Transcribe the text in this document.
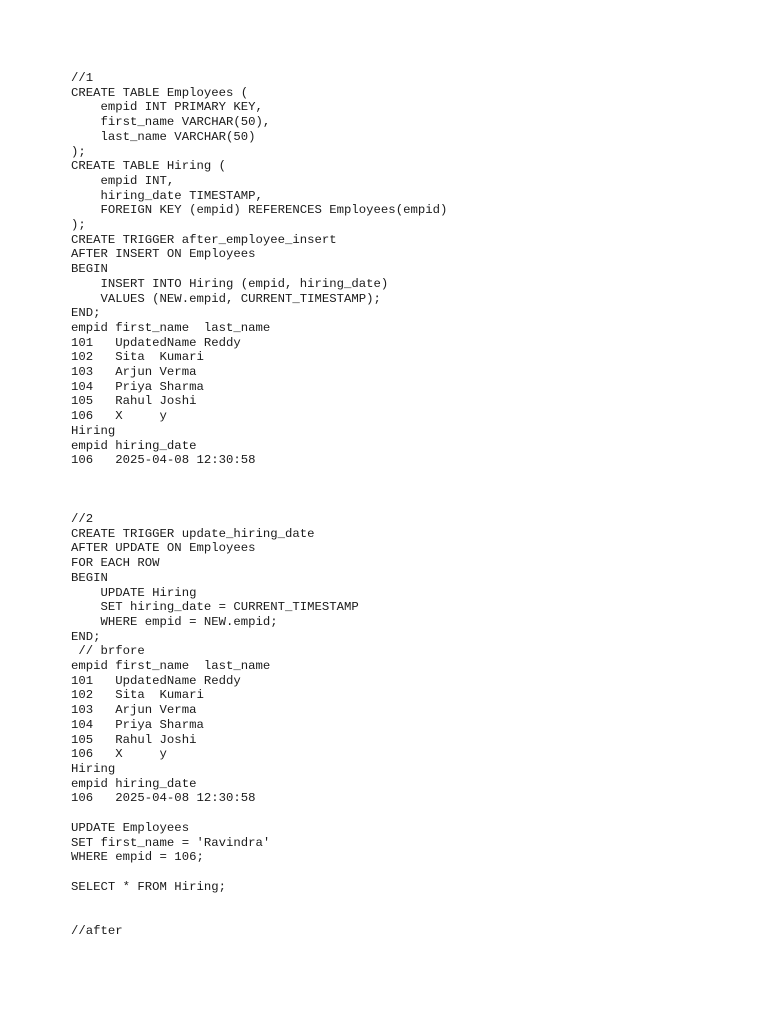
//1
CREATE TABLE Employees (
empid INT PRIMARY KEY,
first_name VARCHAR(50),
last_name VARCHAR(50)
);
CREATE TABLE Hiring (
empid INT,
hiring_date TIMESTAMP,
FOREIGN KEY (empid) REFERENCES Employees(empid)
);
CREATE TRIGGER after_employee_insert
AFTER INSERT ON Employees
BEGIN
INSERT INTO Hiring (empid, hiring_date)
VALUES (NEW.empid, CURRENT_TIMESTAMP);
END;
empid first_name  last_name
101   UpdatedName Reddy
102   Sita  Kumari
103   Arjun Verma
104   Priya Sharma
105   Rahul Joshi
106   X     y
Hiring
empid hiring_date
106   2025-04-08 12:30:58
//2
CREATE TRIGGER update_hiring_date
AFTER UPDATE ON Employees
FOR EACH ROW
BEGIN
UPDATE Hiring
SET hiring_date = CURRENT_TIMESTAMP
WHERE empid = NEW.empid;
END;
// brfore
empid first_name  last_name
101   UpdatedName Reddy
102   Sita  Kumari
103   Arjun Verma
104   Priya Sharma
105   Rahul Joshi
106   X     y
Hiring
empid hiring_date
106   2025-04-08 12:30:58
UPDATE Employees
SET first_name = 'Ravindra'
WHERE empid = 106;
SELECT * FROM Hiring;
//after
